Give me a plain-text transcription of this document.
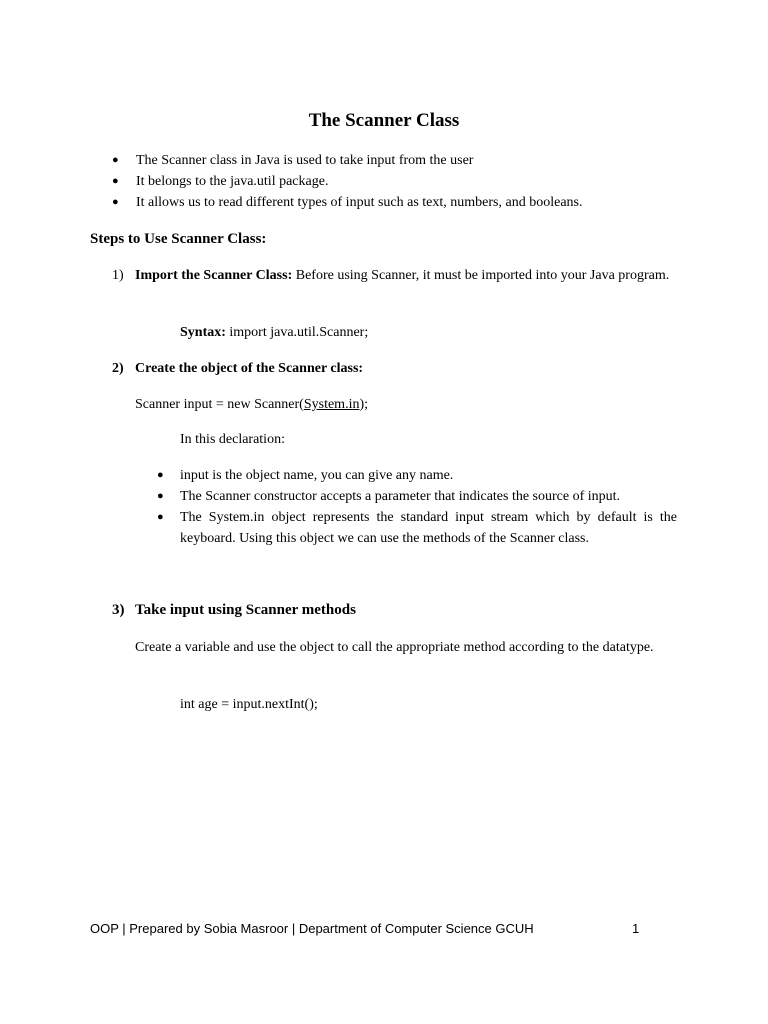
The Scanner Class
● The Scanner class in Java is used to take input from the user
● It belongs to the java.util package.
● It allows us to read different types of input such as text, numbers, and booleans.
Steps to Use Scanner Class:
1) Import the Scanner Class: Before using Scanner, it must be imported into your Java program.
Syntax: import java.util.Scanner;
2) Create the object of the Scanner class:
Scanner input = new Scanner(System.in);
In this declaration:
● input is the object name, you can give any name.
● The Scanner constructor accepts a parameter that indicates the source of input.
● The System.in object represents the standard input stream which by default is the keyboard. Using this object we can use the methods of the Scanner class.
3) Take input using Scanner methods
Create a variable and use the object to call the appropriate method according to the datatype.
int age = input.nextInt();
OOP | Prepared by Sobia Masroor | Department of Computer Science GCUH	1
